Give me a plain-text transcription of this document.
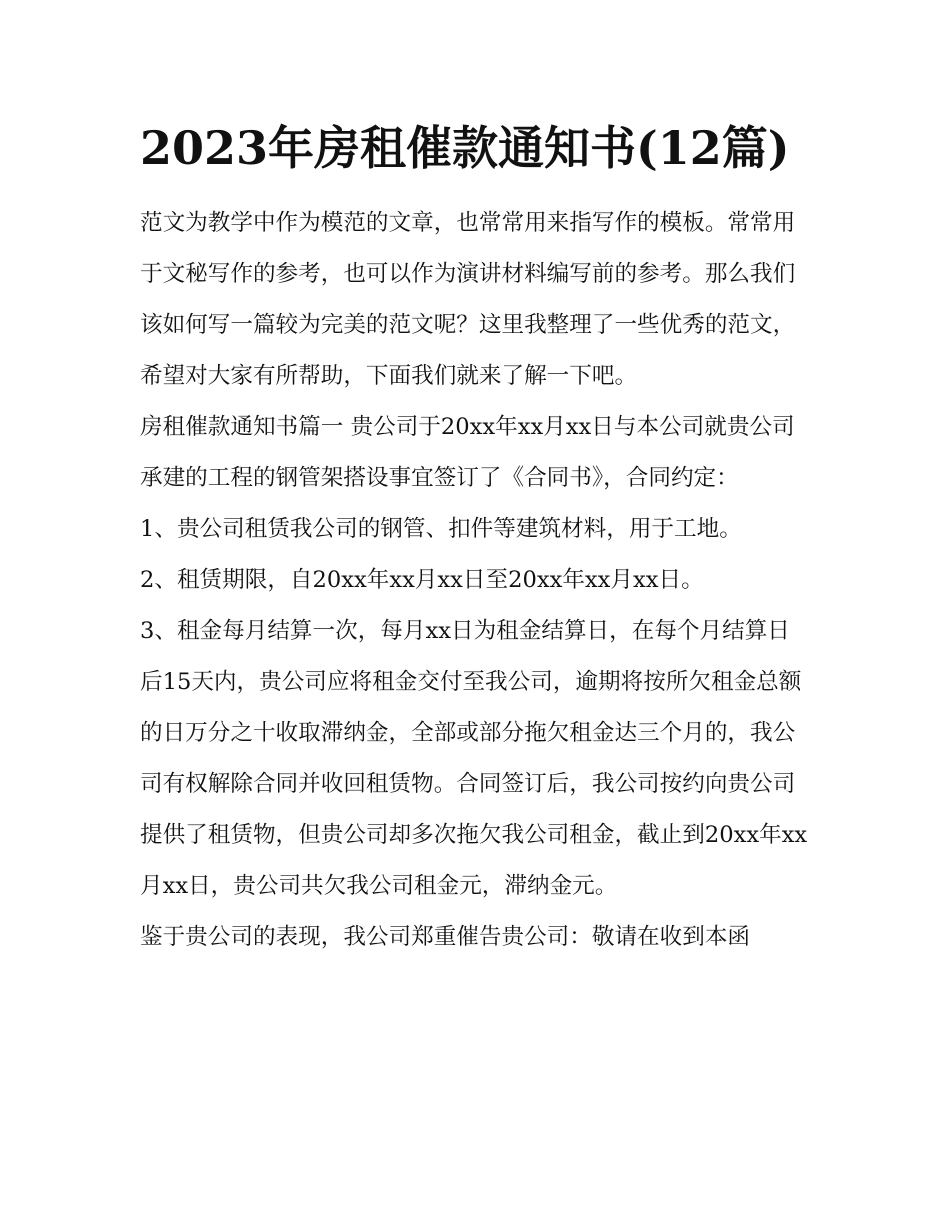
2023年房租催款通知书(12篇)

范文为教学中作为模范的文章，也常常用来指写作的模板。常常用于文秘写作的参考，也可以作为演讲材料编写前的参考。那么我们该如何写一篇较为完美的范文呢？这里我整理了一些优秀的范文，希望对大家有所帮助，下面我们就来了解一下吧。

房租催款通知书篇一 贵公司于20xx年xx月xx日与本公司就贵公司承建的工程的钢管架搭设事宜签订了《合同书》，合同约定：

1、贵公司租赁我公司的钢管、扣件等建筑材料，用于工地。

2、租赁期限，自20xx年xx月xx日至20xx年xx月xx日。

3、租金每月结算一次，每月xx日为租金结算日，在每个月结算日后15天内，贵公司应将租金交付至我公司，逾期将按所欠租金总额的日万分之十收取滞纳金，全部或部分拖欠租金达三个月的，我公司有权解除合同并收回租赁物。合同签订后，我公司按约向贵公司提供了租赁物，但贵公司却多次拖欠我公司租金，截止到20xx年xx月xx日，贵公司共欠我公司租金元，滞纳金元。

鉴于贵公司的表现，我公司郑重催告贵公司：敬请在收到本函
